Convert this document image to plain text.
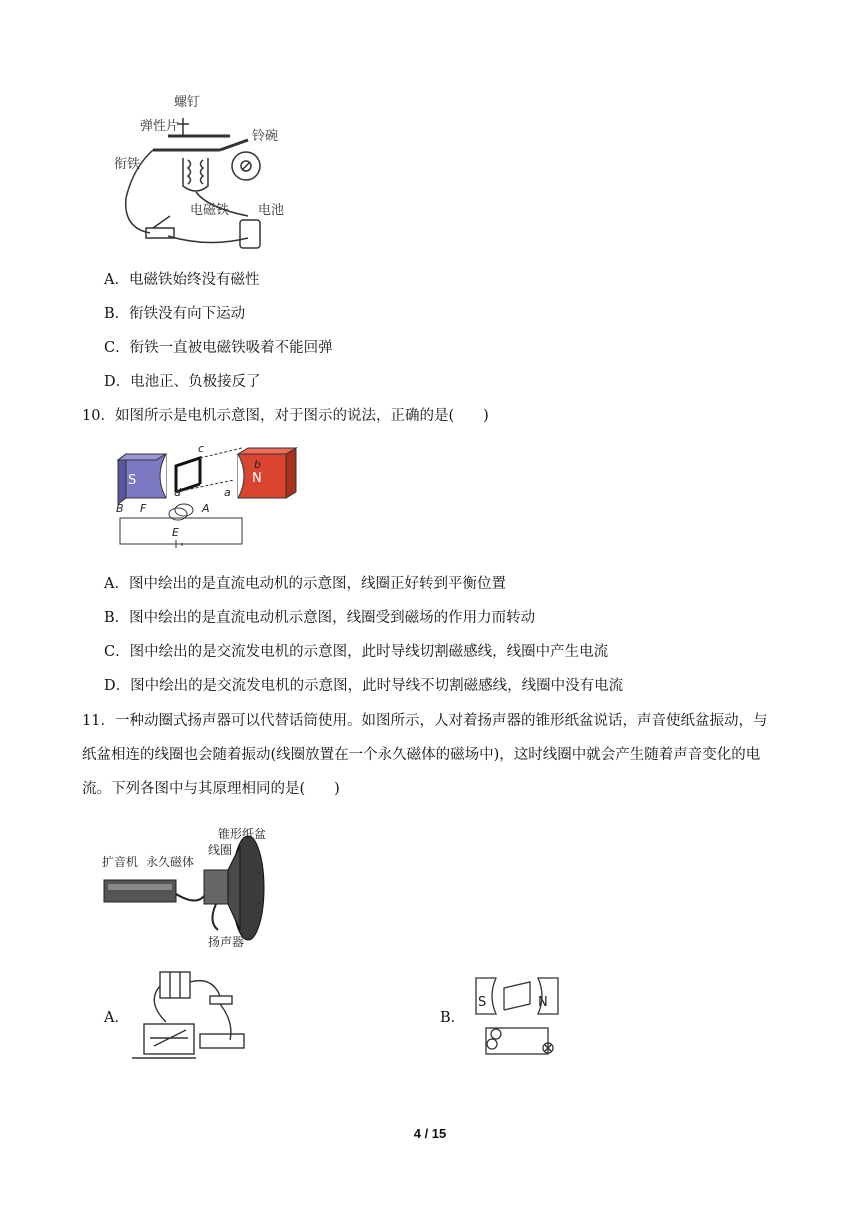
螺钉
弹性片
铃碗
衔铁
电磁铁 电池
A．电磁铁始终没有磁性
B．衔铁没有向下运动
C．衔铁一直被电磁铁吸着不能回弹
D．电池正、负极接反了
10．如图所示是电机示意图，对于图示的说法，正确的是(　　)
S	N
c
b
d	a
A
B F
E
A．图中绘出的是直流电动机的示意图，线圈正好转到平衡位置
B．图中绘出的是直流电动机示意图，线圈受到磁场的作用力而转动
C．图中绘出的是交流发电机的示意图，此时导线切割磁感线，线圈中产生电流
D．图中绘出的是交流发电机的示意图，此时导线不切割磁感线，线圈中没有电流
11．一种动圈式扬声器可以代替话筒使用。如图所示，人对着扬声器的锥形纸盆说话，声音使纸盆振动，与纸盆相连的线圈也会随着振动(线圈放置在一个永久磁体的磁场中)，这时线圈中就会产生随着声音变化的电流。下列各图中与其原理相同的是(　　)
扩音机 永久磁体
线圈
锥形纸盆
扬声器
A．	B．
S	N
4 / 15
